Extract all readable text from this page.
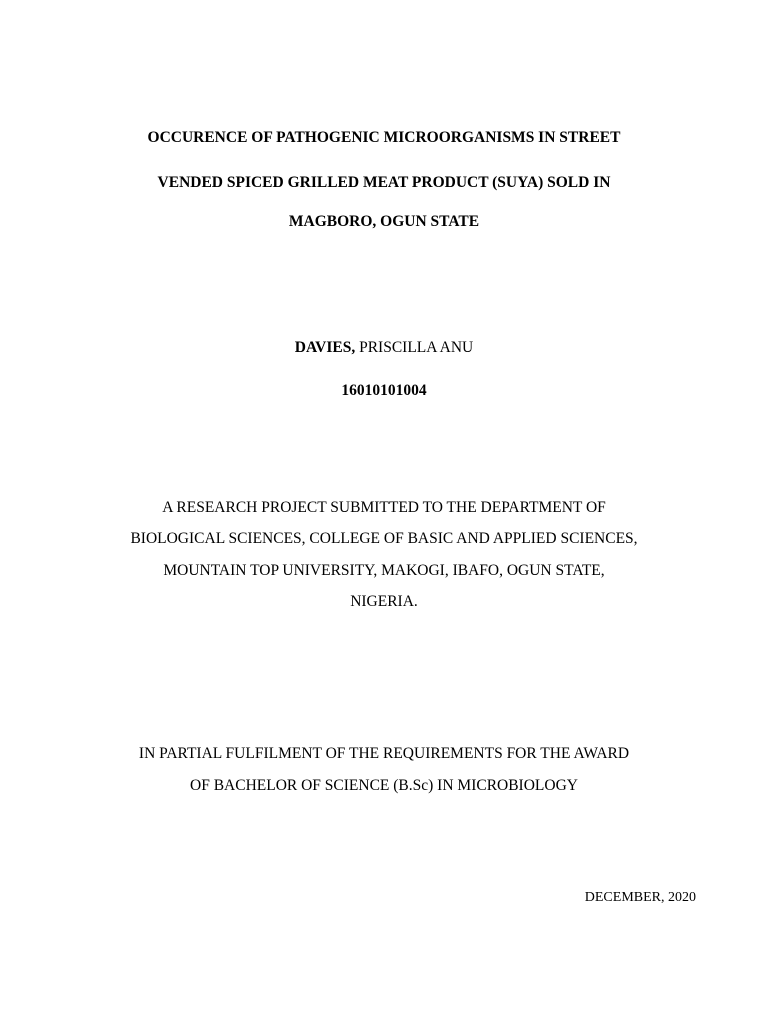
OCCURENCE OF PATHOGENIC MICROORGANISMS IN STREET
VENDED SPICED GRILLED MEAT PRODUCT (SUYA) SOLD IN
MAGBORO, OGUN STATE
DAVIES, PRISCILLA ANU
16010101004
A RESEARCH PROJECT SUBMITTED TO THE DEPARTMENT OF
BIOLOGICAL SCIENCES, COLLEGE OF BASIC AND APPLIED SCIENCES,
MOUNTAIN TOP UNIVERSITY, MAKOGI, IBAFO, OGUN STATE,
NIGERIA.
IN PARTIAL FULFILMENT OF THE REQUIREMENTS FOR THE AWARD
OF BACHELOR OF SCIENCE (B.Sc) IN MICROBIOLOGY
DECEMBER, 2020
